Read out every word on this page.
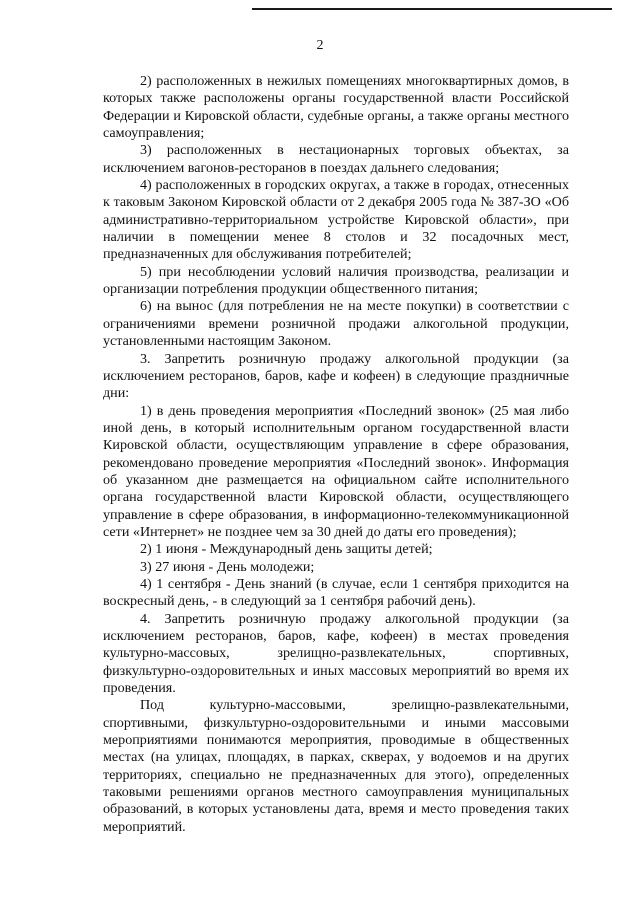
2

2) расположенных в нежилых помещениях многоквартирных домов, в которых также расположены органы государственной власти Российской Федерации и Кировской области, судебные органы, а также органы местного самоуправления;

3) расположенных в нестационарных торговых объектах, за исключением вагонов-ресторанов в поездах дальнего следования;

4) расположенных в городских округах, а также в городах, отнесенных к таковым Законом Кировской области от 2 декабря 2005 года № 387-ЗО «Об административно-территориальном устройстве Кировской области», при наличии в помещении менее 8 столов и 32 посадочных мест, предназначенных для обслуживания потребителей;

5) при несоблюдении условий наличия производства, реализации и организации потребления продукции общественного питания;

6) на вынос (для потребления не на месте покупки) в соответствии с ограничениями времени розничной продажи алкогольной продукции, установленными настоящим Законом.

3. Запретить розничную продажу алкогольной продукции (за исключением ресторанов, баров, кафе и кофеен) в следующие праздничные дни:

1) в день проведения мероприятия «Последний звонок» (25 мая либо иной день, в который исполнительным органом государственной власти Кировской области, осуществляющим управление в сфере образования, рекомендовано проведение мероприятия «Последний звонок». Информация об указанном дне размещается на официальном сайте исполнительного органа государственной власти Кировской области, осуществляющего управление в сфере образования, в информационно-телекоммуникационной сети «Интернет» не позднее чем за 30 дней до даты его проведения);

2) 1 июня - Международный день защиты детей;

3) 27 июня - День молодежи;

4) 1 сентября - День знаний (в случае, если 1 сентября приходится на воскресный день, - в следующий за 1 сентября рабочий день).

4. Запретить розничную продажу алкогольной продукции (за исключением ресторанов, баров, кафе, кофеен) в местах проведения культурно-массовых, зрелищно-развлекательных, спортивных, физкультурно-оздоровительных и иных массовых мероприятий во время их проведения.

Под культурно-массовыми, зрелищно-развлекательными, спортивными, физкультурно-оздоровительными и иными массовыми мероприятиями понимаются мероприятия, проводимые в общественных местах (на улицах, площадях, в парках, скверах, у водоемов и на других территориях, специально не предназначенных для этого), определенных таковыми решениями органов местного самоуправления муниципальных образований, в которых установлены дата, время и место проведения таких мероприятий.
